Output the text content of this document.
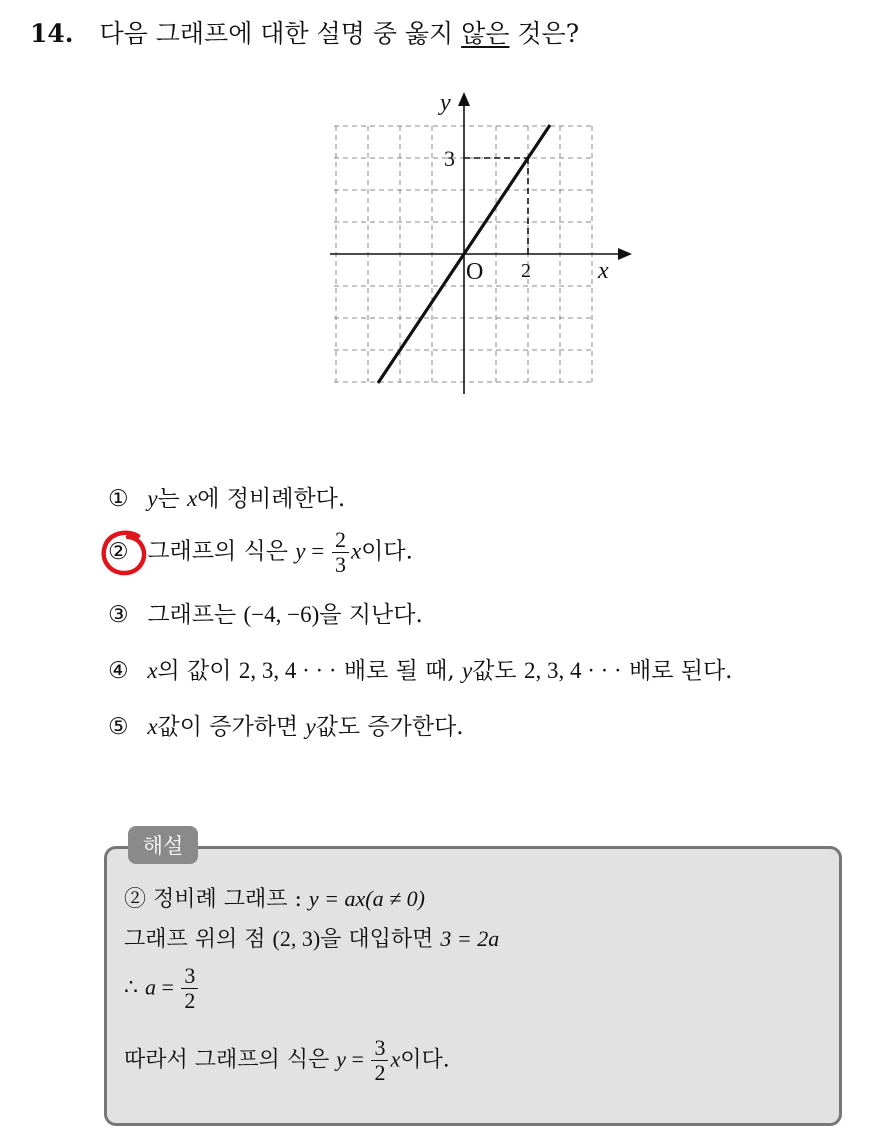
14. 다음 그래프에 대한 설명 중 옳지 않은 것은?
y
x
O 2
3
① y는 x에 정비례한다.
② 그래프의 식은 $y = \frac{2}{3}$ x이다.
③ 그래프는 (−4, −6)을 지난다.
④ x의 값이 2, 3, 4 · · · 배로 될 때, y값도 2, 3, 4 · · · 배로 된다.
⑤ x값이 증가하면 y값도 증가한다.
해설
② 정비례 그래프 : y = ax(a ≠ 0)
그래프 위의 점 (2, 3)을 대입하면 3 = 2a
∴ $a = \frac{3}{2}$
따라서 그래프의 식은 $y = \frac{3}{2}$ x이다.
